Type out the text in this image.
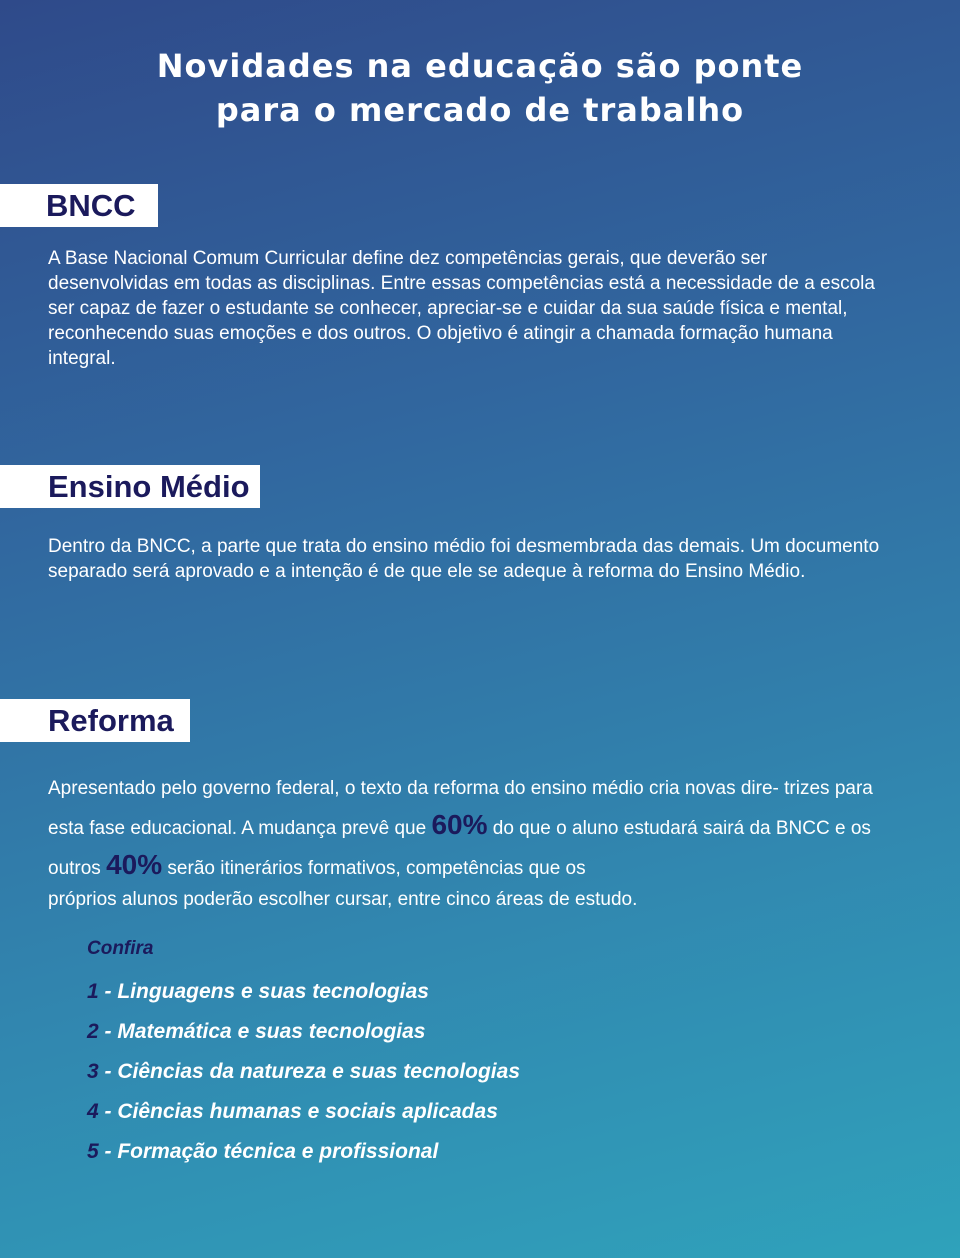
Novidades na educação são ponte
para o mercado de trabalho
BNCC

A Base Nacional Comum Curricular define dez competências gerais, que deverão ser desenvolvidas em todas as disciplinas. Entre essas competências está a necessidade de a escola ser capaz de fazer o estudante se conhecer, apreciar-se e cuidar da sua saúde física e mental, reconhecendo suas emoções e dos outros. O objetivo é atingir a chamada formação humana integral.

Ensino Médio

Dentro da BNCC, a parte que trata do ensino médio foi desmembrada das demais. Um documento separado será aprovado e a intenção é de que ele se adeque à reforma do Ensino Médio.

Reforma

Apresentado pelo governo federal, o texto da reforma do ensino médio cria novas dire- trizes para esta fase educacional. A mudança prevê que 60% do que o aluno estudará sairá da BNCC e os outros 40% serão itinerários formativos, competências que os
próprios alunos poderão escolher cursar, entre cinco áreas de estudo.

Confira
1 - Linguagens e suas tecnologias
2 - Matemática e suas tecnologias
3 - Ciências da natureza e suas tecnologias
4 - Ciências humanas e sociais aplicadas
5 - Formação técnica e profissional
